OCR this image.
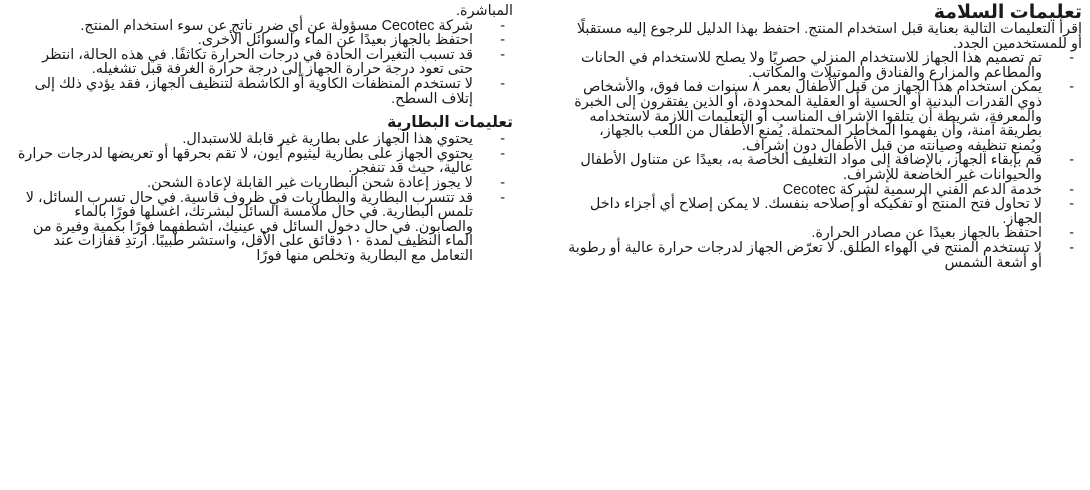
تعليمات السلامة

اقرأ التعليمات التالية بعناية قبل استخدام المنتج. احتفظ بهذا الدليل للرجوع إليه مستقبلًا أو للمستخدمين الجدد.

- تم تصميم هذا الجهاز للاستخدام المنزلي حصريًا ولا يصلح للاستخدام في الحانات والمطاعم والمزارع والفنادق والموتيلات والمكاتب.
- يمكن استخدام هذا الجهاز من قبل الأطفال بعمر ٨ سنوات فما فوق، والأشخاص ذوي القدرات البدنية أو الحسية أو العقلية المحدودة، أو الذين يفتقرون إلى الخبرة والمعرفة، شريطة أن يتلقوا الإشراف المناسب أو التعليمات اللازمة لاستخدامه بطريقة آمنة، وأن يفهموا المخاطر المحتملة. يُمنع الأطفال من اللعب بالجهاز، ويُمنع تنظيفه وصيانته من قبل الأطفال دون إشراف.
- قم بإبقاء الجهاز، بالإضافة إلى مواد التغليف الخاصة به، بعيدًا عن متناول الأطفال والحيوانات غير الخاضعة للإشراف.
- خدمة الدعم الفني الرسمية لشركة Cecotec
- لا تحاول فتح المنتج أو تفكيكه أو إصلاحه بنفسك. لا يمكن إصلاح أي أجزاء داخل الجهاز.
- احتفظ بالجهاز بعيدًا عن مصادر الحرارة.
- لا تستخدم المنتج في الهواء الطلق. لا تعرّض الجهاز لدرجات حرارة عالية أو رطوبة أو أشعة الشمس

المباشرة.

- شركة Cecotec مسؤولة عن أي ضرر ناتج عن سوء استخدام المنتج.
- احتفظ بالجهاز بعيدًا عن الماء والسوائل الأخرى.
- قد تسبب التغيرات الحادة في درجات الحرارة تكاثفًا. في هذه الحالة، انتظر حتى تعود درجة حرارة الجهاز إلى درجة حرارة الغرفة قبل تشغيله.
- لا تستخدم المنظفات الكاوية أو الكاشطة لتنظيف الجهاز، فقد يؤدي ذلك إلى إتلاف السطح.
تعليمات البطارية
- يحتوي هذا الجهاز على بطارية غير قابلة للاستبدال.
- يحتوي الجهاز على بطارية ليثيوم أيون، لا تقم بحرقها أو تعريضها لدرجات حرارة عالية، حيث قد تنفجر.
- لا يجوز إعادة شحن البطاريات غير القابلة لإعادة الشحن.
- قد تتسرب البطارية والبطاريات في ظروف قاسية. في حال تسرب السائل، لا تلمس البطارية. في حال ملامسة السائل لبشرتك، اغسلها فورًا بالماء والصابون. في حال دخول السائل في عينيك، اشطفهما فورًا بكمية وفيرة من الماء النظيف لمدة ١٠ دقائق على الأقل، واستشر طبيبًا. ارتدِ قفازات عند التعامل مع البطارية وتخلص منها فورًا
